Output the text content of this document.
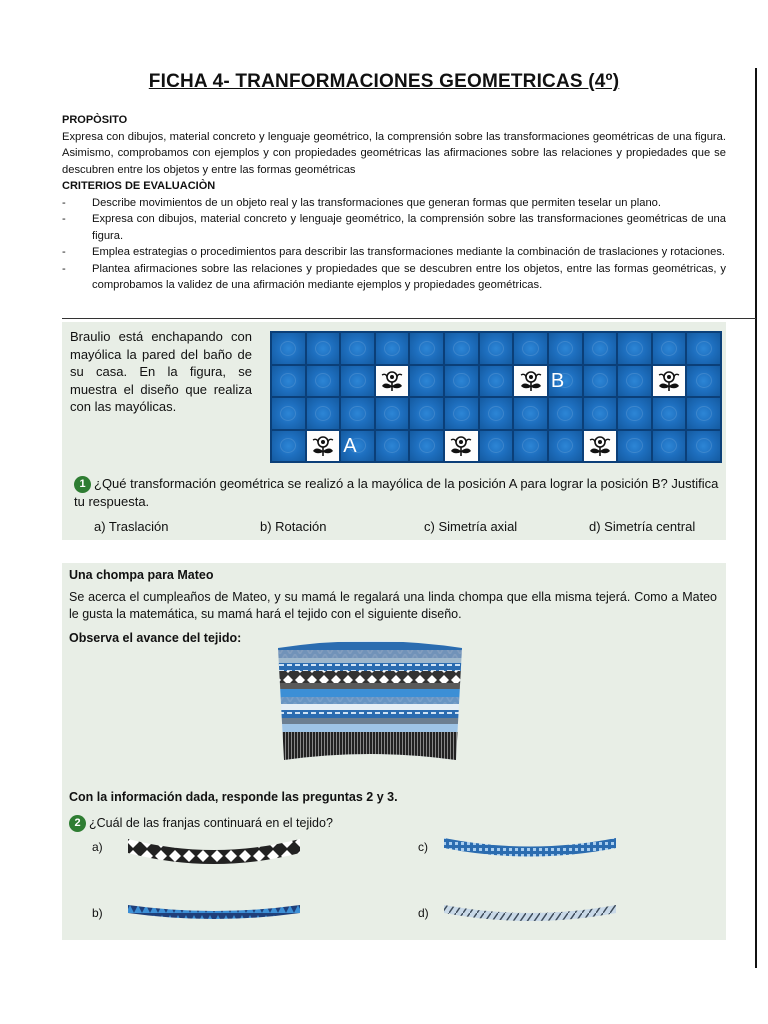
FICHA 4- TRANFORMACIONES GEOMETRICAS (4º)
PROPÒSITO
Expresa con dibujos, material concreto y lenguaje geométrico, la comprensión sobre las transformaciones geométricas de una figura. Asimismo, comprobamos con ejemplos y con propiedades geométricas las afirmaciones sobre las relaciones y propiedades que se descubren entre los objetos y entre las formas geométricas
CRITERIOS DE EVALUACIÒN
- Describe movimientos de un objeto real y las transformaciones que generan formas que permiten teselar un plano.
- Expresa con dibujos, material concreto y lenguaje geométrico, la comprensión sobre las transformaciones geométricas de una figura.
- Emplea estrategias o procedimientos para describir las transformaciones mediante la combinación de traslaciones y rotaciones.
- Plantea afirmaciones sobre las relaciones y propiedades que se descubren entre los objetos, entre las formas geométricas, y comprobamos la validez de una afirmación mediante ejemplos y propiedades geométricas.
Braulio está enchapando con mayólica la pared del baño de su casa. En la figura, se muestra el diseño que realiza con las mayólicas.
B
A
1 ¿Qué transformación geométrica se realizó a la mayólica de la posición A para lograr la posición B? Justifica tu respuesta.
a) Traslación	b) Rotación	c) Simetría axial	d) Simetría central
Una chompa para Mateo
Se acerca el cumpleaños de Mateo, y su mamá le regalará una linda chompa que ella misma tejerá. Como a Mateo le gusta la matemática, su mamá hará el tejido con el siguiente diseño.
Observa el avance del tejido:
Con la información dada, responde las preguntas 2 y 3.
2 ¿Cuál de las franjas continuará en el tejido?
a)
b)
c)
d)
